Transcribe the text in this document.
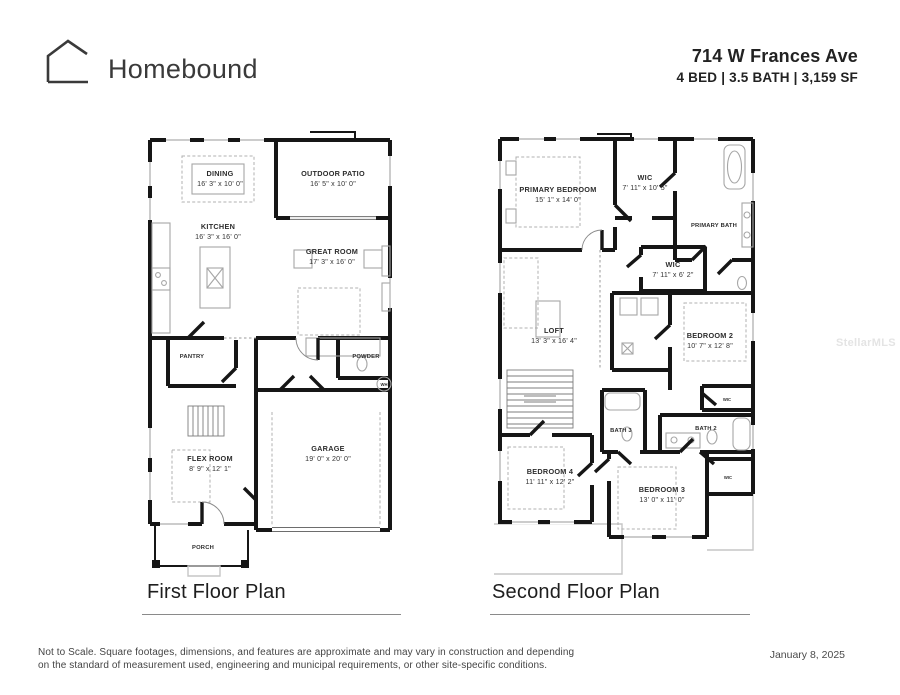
Homebound	714 W Frances Ave
4 BED | 3.5 BATH | 3,159 SF
DINING
16' 3" x 10' 0"
OUTDOOR PATIO
16' 5" x 10' 0"
KITCHEN
16' 3" x 16' 0"
GREAT ROOM
17' 3" x 16' 0"
PANTRY	POWDER
WH
FLEX ROOM
8' 9" x 12' 1"
GARAGE
19' 0" x 20' 0"
PORCH
PRIMARY BEDROOM
15' 1" x 14' 0"
WIC
7' 11" x 10' 5"
PRIMARY BATH
WIC
7' 11" x 6' 2"
LOFT
13' 3" x 16' 4"
BEDROOM 2
10' 7" x 12' 8"
WIC
BATH 3	BATH 2
BEDROOM 4
11' 11" x 12' 2"
BEDROOM 3
13' 0" x 11' 0"
WIC
First Floor Plan	Second Floor Plan
StellarMLS
Not to Scale. Square footages, dimensions, and features are approximate and may vary in construction and depending on the standard of measurement used, engineering and municipal requirements, or other site-specific conditions.
January 8, 2025
